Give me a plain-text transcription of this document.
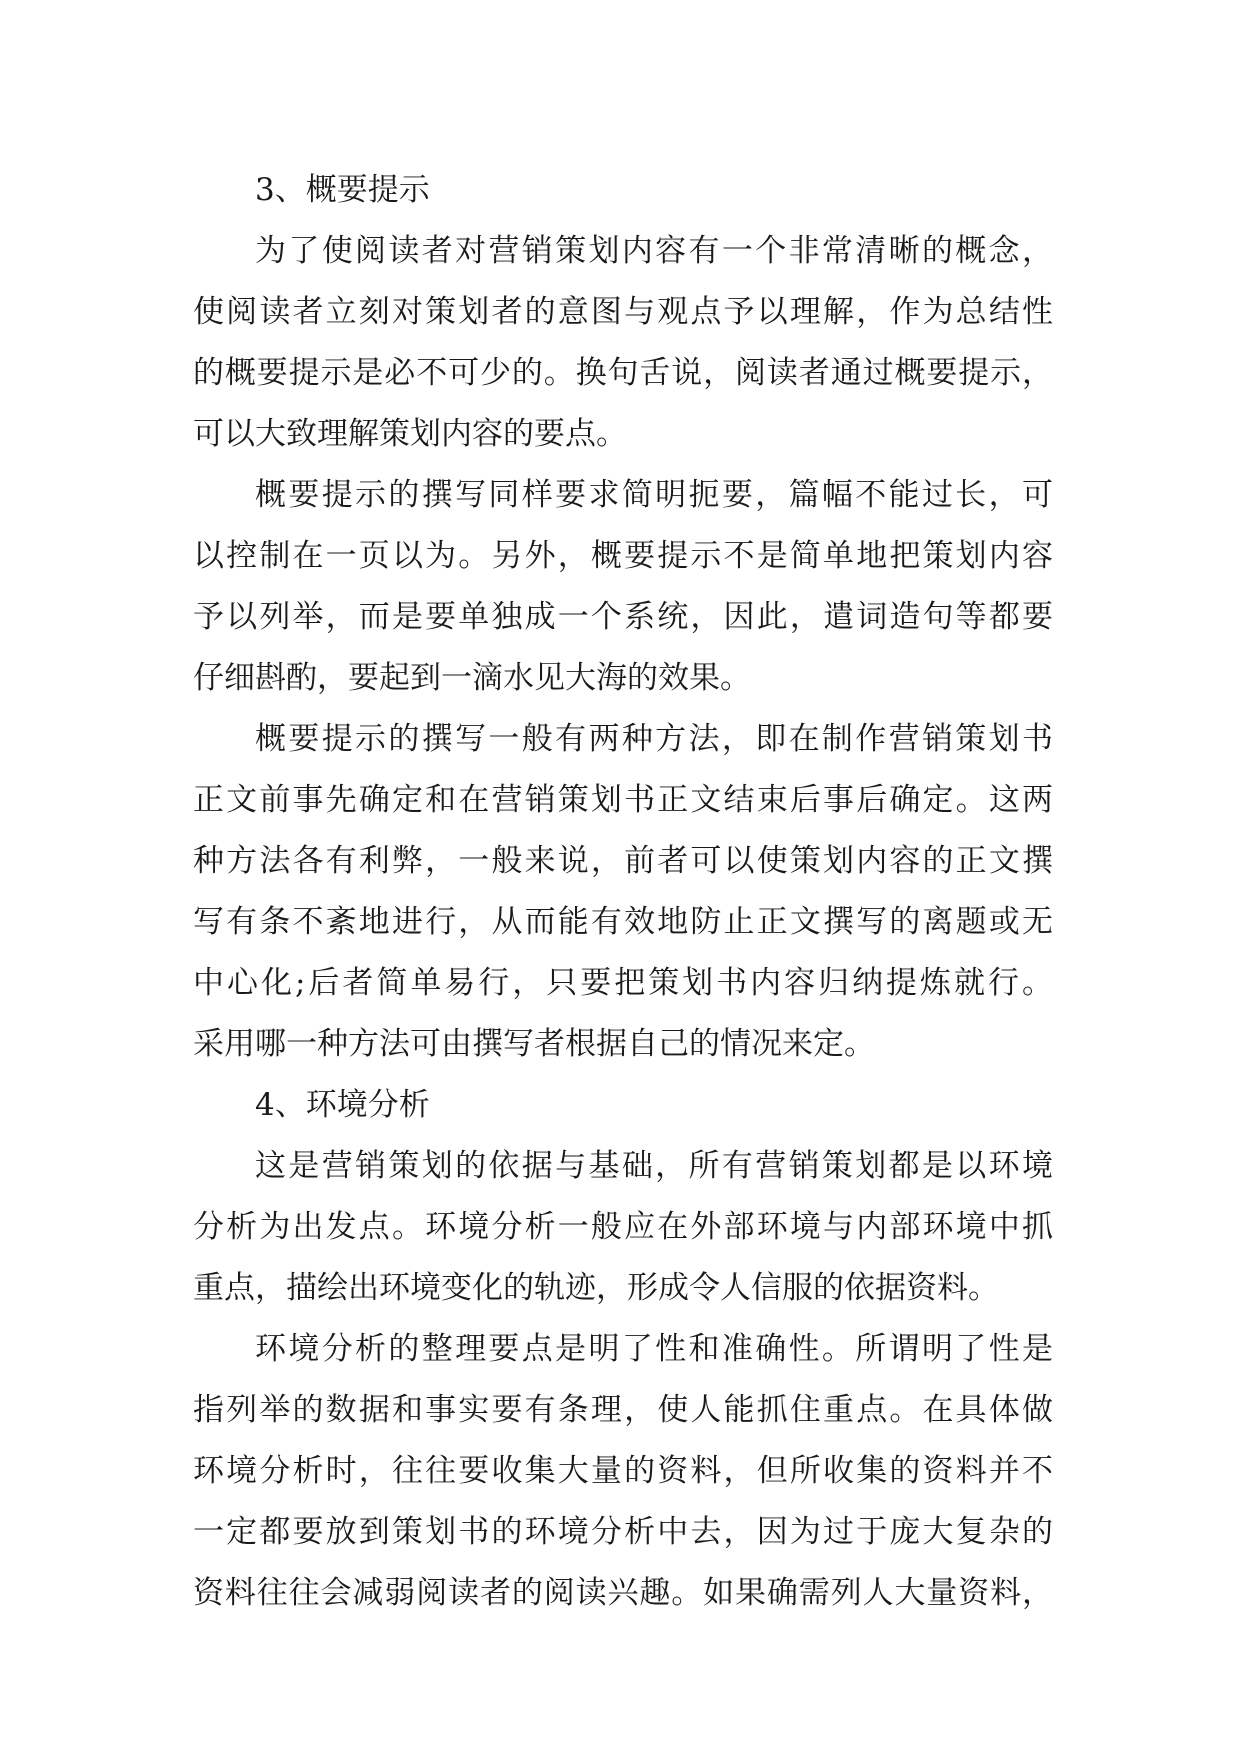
3、概要提示
为了使阅读者对营销策划内容有一个非常清晰的概念，
使阅读者立刻对策划者的意图与观点予以理解，作为总结性
的概要提示是必不可少的。换句舌说，阅读者通过概要提示，
可以大致理解策划内容的要点。
概要提示的撰写同样要求简明扼要，篇幅不能过长，可
以控制在一页以为。另外，概要提示不是简单地把策划内容
予以列举，而是要单独成一个系统，因此，遣词造句等都要
仔细斟酌，要起到一滴水见大海的效果。
概要提示的撰写一般有两种方法，即在制作营销策划书
正文前事先确定和在营销策划书正文结束后事后确定。这两
种方法各有利弊，一般来说，前者可以使策划内容的正文撰
写有条不紊地进行，从而能有效地防止正文撰写的离题或无
中心化;后者简单易行，只要把策划书内容归纳提炼就行。
采用哪一种方法可由撰写者根据自己的情况来定。
4、环境分析
这是营销策划的依据与基础，所有营销策划都是以环境
分析为出发点。环境分析一般应在外部环境与内部环境中抓
重点，描绘出环境变化的轨迹，形成令人信服的依据资料。
环境分析的整理要点是明了性和准确性。所谓明了性是
指列举的数据和事实要有条理，使人能抓住重点。在具体做
环境分析时，往往要收集大量的资料，但所收集的资料并不
一定都要放到策划书的环境分析中去，因为过于庞大复杂的
资料往往会减弱阅读者的阅读兴趣。如果确需列人大量资料，
